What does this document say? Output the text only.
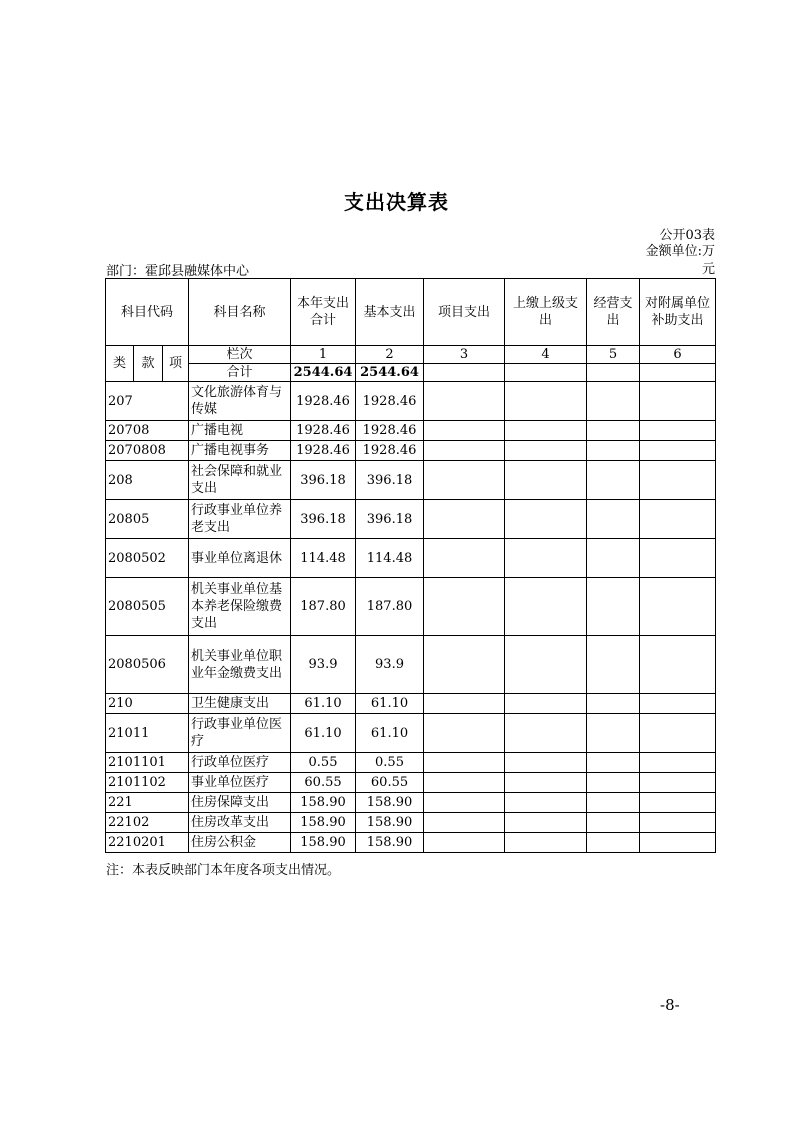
支出决算表
公开03表
金额单位:万
元
部门：霍邱县融媒体中心
科目代码			科目名称	本年支出合计	基本支出	项目支出	上缴上级支出	经营支出	对附属单位补助支出
类	款	项	栏次	1	2	3	4	5	6
			合计	2544.64	2544.64				
207			文化旅游体育与传媒	1928.46	1928.46				
20708			广播电视	1928.46	1928.46				
2070808			广播电视事务	1928.46	1928.46				
208			社会保障和就业支出	396.18	396.18				
20805			行政事业单位养老支出	396.18	396.18				
2080502			事业单位离退休	114.48	114.48				
2080505			机关事业单位基本养老保险缴费支出	187.80	187.80				
2080506			机关事业单位职业年金缴费支出	93.9	93.9				
210			卫生健康支出	61.10	61.10				
21011			行政事业单位医疗	61.10	61.10				
2101101			行政单位医疗	0.55	0.55				
2101102			事业单位医疗	60.55	60.55				
221			住房保障支出	158.90	158.90				
22102			住房改革支出	158.90	158.90				
2210201			住房公积金	158.90	158.90				
注：本表反映部门本年度各项支出情况。
-8-
